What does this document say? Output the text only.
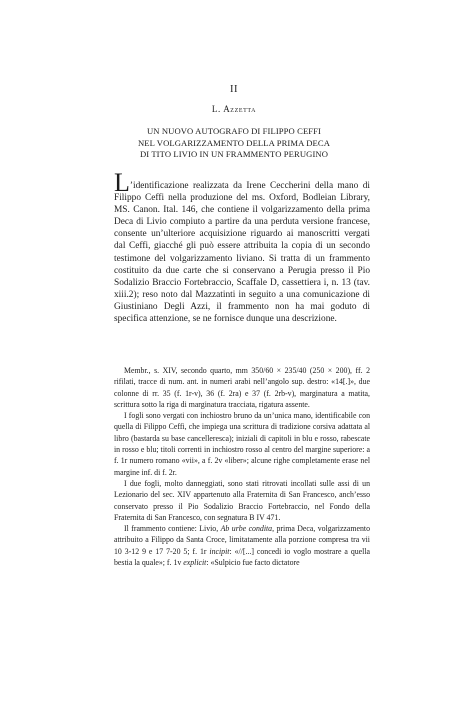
II
L. Azzetta
UN NUOVO AUTOGRAFO DI FILIPPO CEFFI
NEL VOLGARIZZAMENTO DELLA PRIMA DECA
DI TITO LIVIO IN UN FRAMMENTO PERUGINO
L’identificazione realizzata da Irene Ceccherini della mano di Filippo Ceffi nella produzione del ms. Oxford, Bodleian Library, MS. Canon. Ital. 146, che contiene il volgarizzamento della prima Deca di Livio compiuto a partire da una perduta versione francese, consente un’ulteriore acquisizione riguardo ai manoscritti vergati dal Ceffi, giacché gli può essere attribuita la copia di un secondo testimone del volgarizzamento liviano. Si tratta di un frammento costituito da due carte che si conservano a Perugia presso il Pio Sodalizio Braccio Fortebraccio, Scaffale D, cassettiera i, n. 13 (tav. xiii.2); reso noto dal Mazzatinti in seguito a una comunicazione di Giustiniano Degli Azzi, il frammento non ha mai goduto di specifica attenzione, se ne fornisce dunque una descrizione.

Membr., s. XIV, secondo quarto, mm 350/60 × 235/40 (250 × 200), ff. 2 rifilati, tracce di num. ant. in numeri arabi nell’angolo sup. destro: «14[.]», due colonne di rr. 35 (f. 1r-v), 36 (f. 2ra) e 37 (f. 2rb-v), marginatura a matita, scrittura sotto la riga di marginatura tracciata, rigatura assente.

I fogli sono vergati con inchiostro bruno da un’unica mano, identificabile con quella di Filippo Ceffi, che impiega una scrittura di tradizione corsiva adattata al libro (bastarda su base cancelleresca); iniziali di capitoli in blu e rosso, rabescate in rosso e blu; titoli correnti in inchiostro rosso al centro del margine superiore: a f. 1r numero romano «vii», a f. 2v «liber»; alcune righe completamente erase nel margine inf. di f. 2r.

I due fogli, molto danneggiati, sono stati ritrovati incollati sulle assi di un Lezionario del sec. XIV appartenuto alla Fraternita di San Francesco, anch’esso conservato presso il Pio Sodalizio Braccio Fortebraccio, nel Fondo della Fraternita di San Francesco, con segnatura B IV 471.

Il frammento contiene: Livio, Ab urbe condita, prima Deca, volgarizzamento attribuito a Filippo da Santa Croce, limitatamente alla porzione compresa tra vii 10 3-12 9 e 17 7-20 5; f. 1r incipit: «//[...] concedi io voglo mostrare a quella bestia la quale»; f. 1v explicit: «Sulpicio fue facto dictatore
